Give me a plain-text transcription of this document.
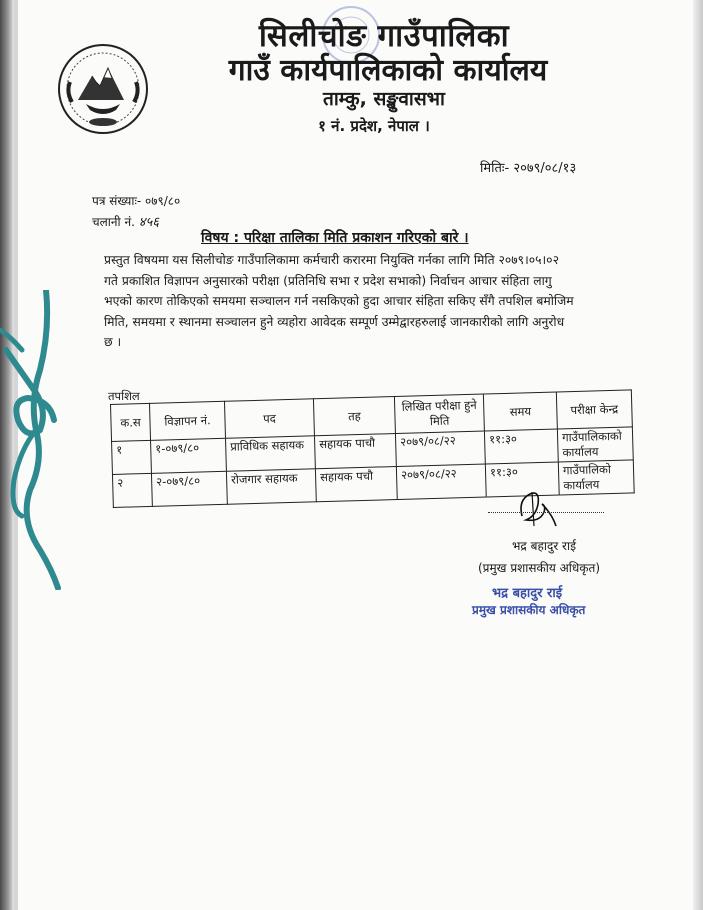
सिलीचोङ गाउँपालिका
गाउँ कार्यपालिकाको कार्यालय
ताम्कु, सङ्खुवासभा
१ नं. प्रदेश, नेपाल ।
मितिः- २०७९/०८/१३
पत्र संख्याः- ०७९/८०
चलानी नं. ४५६
विषय : परिक्षा तालिका मिति प्रकाशन गरिएको बारे ।
प्रस्तुत विषयमा यस सिलीचोङ गाउँपालिकामा कर्मचारी करारमा नियुक्ति गर्नका लागि मिति २०७९।०५।०२
गते प्रकाशित विज्ञापन अनुसारको परीक्षा (प्रतिनिधि सभा र प्रदेश सभाको) निर्वाचन आचार संहिता लागु
भएको कारण तोकिएको समयमा सञ्चालन गर्न नसकिएको हुदा आचार संहिता सकिए सँगै तपशिल बमोजिम
मिति, समयमा र स्थानमा सञ्चालन हुने व्यहोरा आवेदक सम्पूर्ण उम्मेद्वारहरुलाई जानकारीको लागि अनुरोध
छ ।
तपशिल
क.स	विज्ञापन नं.	पद	तह	लिखित परीक्षा हुने मिति	समय	परीक्षा केन्द्र
१	१-०७९/८०	प्राविधिक सहायक	सहायक पाचौ	२०७९/०८/२२	११:३०	गाउँपालिकाको कार्यालय
२	२-०७९/८०	रोजगार सहायक	सहायक पचौ	२०७९/०८/२२	११:३०	गाउँपालिको कार्यालय
भद्र बहादुर राई
(प्रमुख प्रशासकीय अधिकृत)
भद्र बहादुर राई
प्रमुख प्रशासकीय अधिकृत
